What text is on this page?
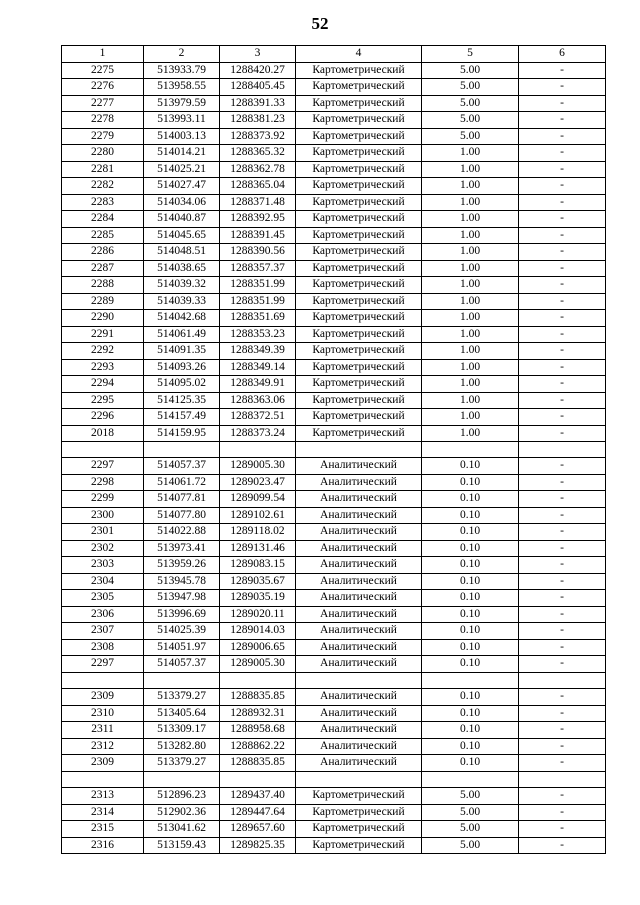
52
1	2	3	4	5	6
2275	513933.79	1288420.27	Картометрический	5.00	-
2276	513958.55	1288405.45	Картометрический	5.00	-
2277	513979.59	1288391.33	Картометрический	5.00	-
2278	513993.11	1288381.23	Картометрический	5.00	-
2279	514003.13	1288373.92	Картометрический	5.00	-
2280	514014.21	1288365.32	Картометрический	1.00	-
2281	514025.21	1288362.78	Картометрический	1.00	-
2282	514027.47	1288365.04	Картометрический	1.00	-
2283	514034.06	1288371.48	Картометрический	1.00	-
2284	514040.87	1288392.95	Картометрический	1.00	-
2285	514045.65	1288391.45	Картометрический	1.00	-
2286	514048.51	1288390.56	Картометрический	1.00	-
2287	514038.65	1288357.37	Картометрический	1.00	-
2288	514039.32	1288351.99	Картометрический	1.00	-
2289	514039.33	1288351.99	Картометрический	1.00	-
2290	514042.68	1288351.69	Картометрический	1.00	-
2291	514061.49	1288353.23	Картометрический	1.00	-
2292	514091.35	1288349.39	Картометрический	1.00	-
2293	514093.26	1288349.14	Картометрический	1.00	-
2294	514095.02	1288349.91	Картометрический	1.00	-
2295	514125.35	1288363.06	Картометрический	1.00	-
2296	514157.49	1288372.51	Картометрический	1.00	-
2018	514159.95	1288373.24	Картометрический	1.00	-

2297	514057.37	1289005.30	Аналитический	0.10	-
2298	514061.72	1289023.47	Аналитический	0.10	-
2299	514077.81	1289099.54	Аналитический	0.10	-
2300	514077.80	1289102.61	Аналитический	0.10	-
2301	514022.88	1289118.02	Аналитический	0.10	-
2302	513973.41	1289131.46	Аналитический	0.10	-
2303	513959.26	1289083.15	Аналитический	0.10	-
2304	513945.78	1289035.67	Аналитический	0.10	-
2305	513947.98	1289035.19	Аналитический	0.10	-
2306	513996.69	1289020.11	Аналитический	0.10	-
2307	514025.39	1289014.03	Аналитический	0.10	-
2308	514051.97	1289006.65	Аналитический	0.10	-
2297	514057.37	1289005.30	Аналитический	0.10	-

2309	513379.27	1288835.85	Аналитический	0.10	-
2310	513405.64	1288932.31	Аналитический	0.10	-
2311	513309.17	1288958.68	Аналитический	0.10	-
2312	513282.80	1288862.22	Аналитический	0.10	-
2309	513379.27	1288835.85	Аналитический	0.10	-

2313	512896.23	1289437.40	Картометрический	5.00	-
2314	512902.36	1289447.64	Картометрический	5.00	-
2315	513041.62	1289657.60	Картометрический	5.00	-
2316	513159.43	1289825.35	Картометрический	5.00	-
